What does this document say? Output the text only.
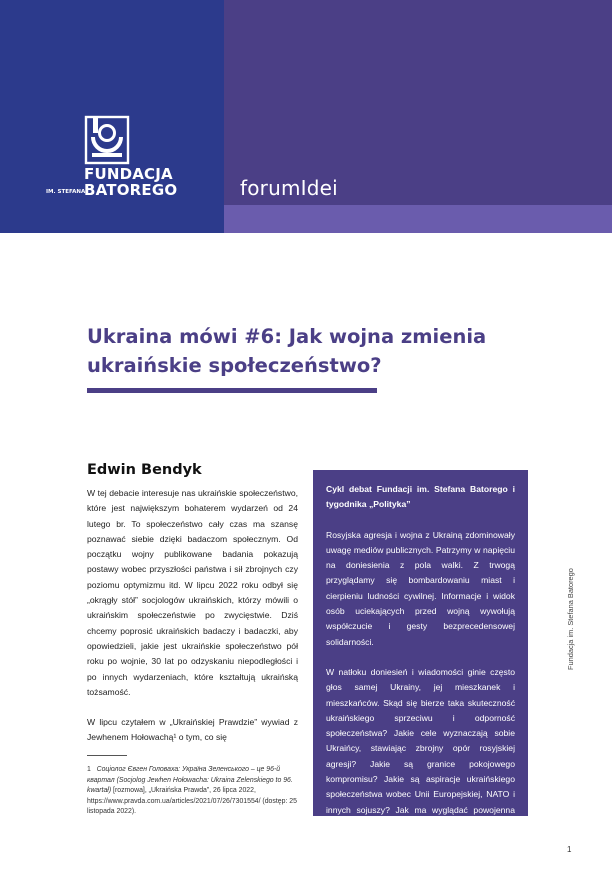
FUNDACJA
IM. STEFANA
BATOREGO	forumIdei
Ukraina mówi #6: Jak wojna zmienia ukraińskie społeczeństwo?
Edwin Bendyk

W tej debacie interesuje nas ukraińskie społeczeństwo, które jest największym bohaterem wydarzeń od 24 lutego br. To społeczeństwo cały czas ma szansę poznawać siebie dzięki badaczom społecznym. Od początku wojny publikowane badania pokazują postawy wobec przyszłości państwa i sił zbrojnych czy poziomu optymizmu itd. W lipcu 2022 roku odbył się „okrągły stół” socjologów ukraińskich, którzy mówili o ukraińskim społeczeństwie po zwycięstwie. Dziś chcemy poprosić ukraińskich badaczy i badaczki, aby opowiedzieli, jakie jest ukraińskie społeczeństwo pół roku po wojnie, 30 lat po odzyskaniu niepodległości i po innych wydarzeniach, które kształtują ukraińską tożsamość.

W lipcu czytałem w „Ukraińskiej Prawdzie” wywiad z Jewhenem Hołowachą¹ o tym, co się

1 Соціолог Євген Головаха: Україна Зеленського – це 96-й квартал (Socjolog Jewhen Hołowacha: Ukraina Zelenskiego to 96. kwartał) [rozmowa], „Ukraińska Prawda”, 26 lipca 2022, https://www.pravda.com.ua/articles/2021/07/26/7301554/ (dostęp: 25 listopada 2022).
Cykl debat Fundacji im. Stefana Batorego i tygodnika „Polityka”

Rosyjska agresja i wojna z Ukrainą zdominowały uwagę mediów publicznych. Patrzymy w napięciu na doniesienia z pola walki. Z trwogą przyglądamy się bombardowaniu miast i cierpieniu ludności cywilnej. Informacje i widok osób uciekających przed wojną wywołują współczucie i gesty bezprecedensowej solidarności.

W natłoku doniesień i wiadomości ginie często głos samej Ukrainy, jej mieszkanek i mieszkańców. Skąd się bierze taka skuteczność ukraińskiego sprzeciwu i odporność społeczeństwa? Jakie cele wyznaczają sobie Ukraińcy, stawiając zbrojny opór rosyjskiej agresji? Jakie są granice pokojowego kompromisu? Jakie są aspiracje ukraińskiego społeczeństwa wobec Unii Europejskiej, NATO i innych sojuszy? Jak ma wyglądać powojenna odbudowa kraju? Jak będą układać się relacje Ukrainy z państwami sąsiednimi?

Fundacja im. Stefana Batorego
1
